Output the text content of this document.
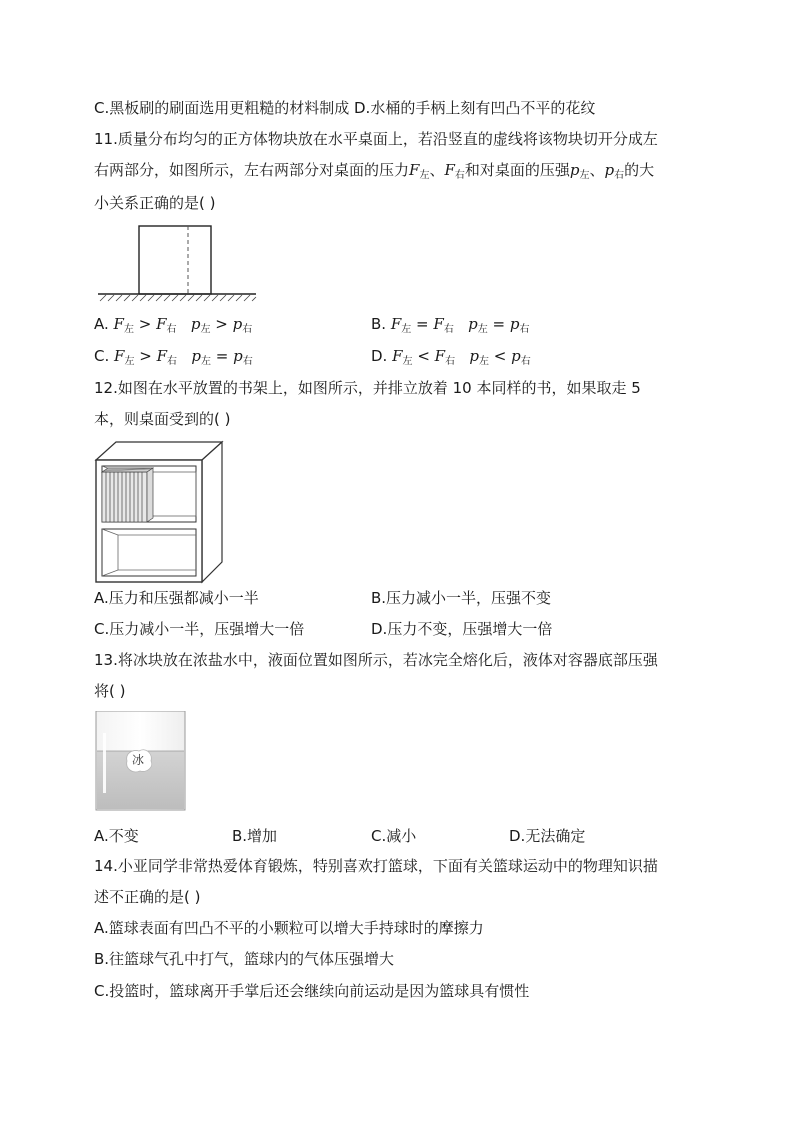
C.黑板刷的刷面选用更粗糙的材料制成 D.水桶的手柄上刻有凹凸不平的花纹
11.质量分布均匀的正方体物块放在水平桌面上，若沿竖直的虚线将该物块切开分成左
右两部分，如图所示，左右两部分对桌面的压力$F_左$、$F_右$和对桌面的压强$p_左$、$p_右$的大
小关系正确的是( )
A. $F_左 > F_右$ $p_左 > p_右$	B. $F_左 = F_右$ $p_左 = p_右$
C. $F_左 > F_右$ $p_左 = p_右$	D. $F_左 < F_右$ $p_左 < p_右$
12.如图在水平放置的书架上，如图所示，并排立放着 10 本同样的书，如果取走 5
本，则桌面受到的( )
A.压力和压强都减小一半	B.压力减小一半，压强不变
C.压力减小一半，压强增大一倍	D.压力不变，压强增大一倍
13.将冰块放在浓盐水中，液面位置如图所示，若冰完全熔化后，液体对容器底部压强
将( )
冰
A.不变	B.增加	C.减小	D.无法确定
14.小亚同学非常热爱体育锻炼，特别喜欢打篮球，下面有关篮球运动中的物理知识描
述不正确的是( )
A.篮球表面有凹凸不平的小颗粒可以增大手持球时的摩擦力
B.往篮球气孔中打气，篮球内的气体压强增大
C.投篮时，篮球离开手掌后还会继续向前运动是因为篮球具有惯性
